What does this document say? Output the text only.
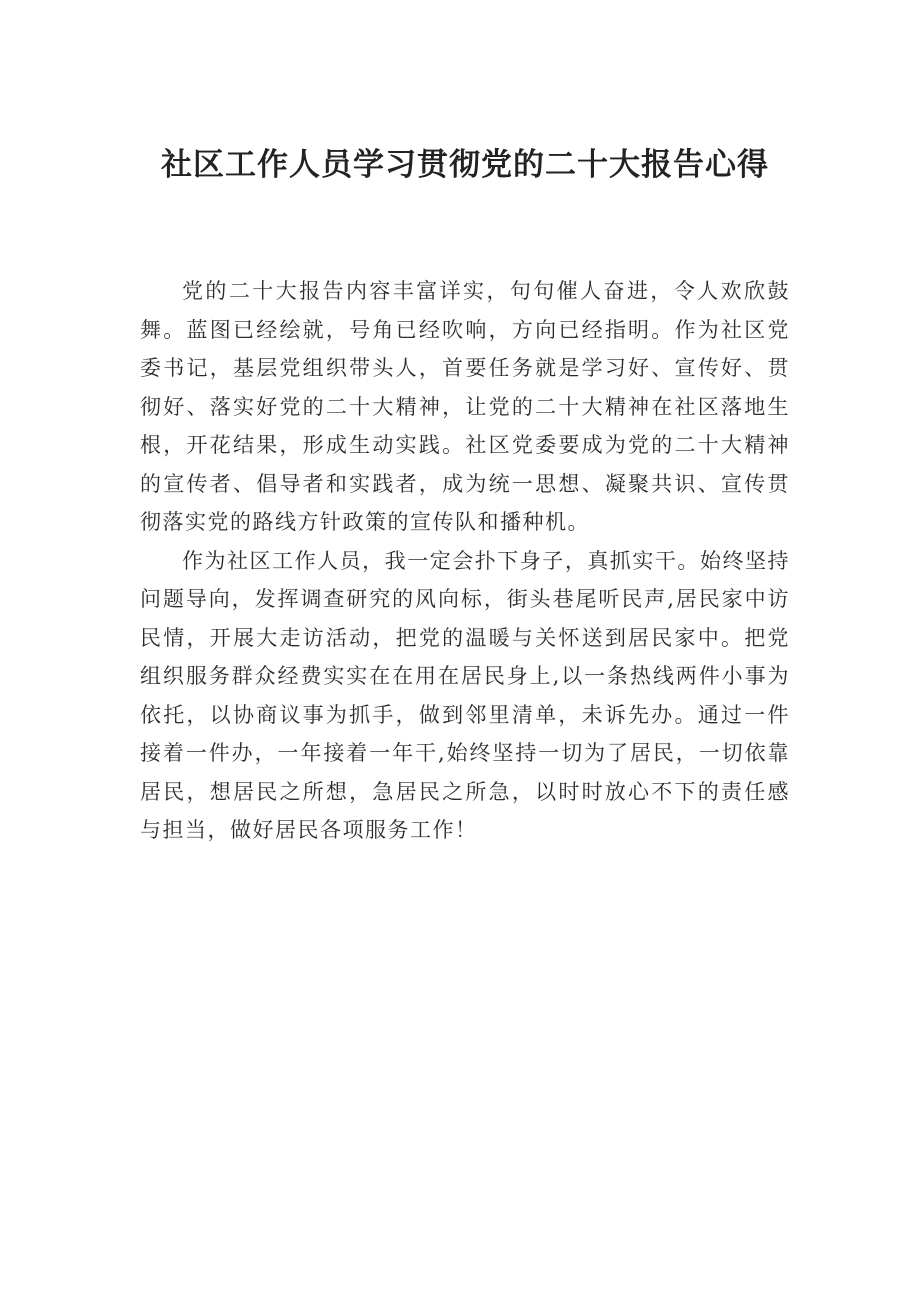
社区工作人员学习贯彻党的二十大报告心得

党的二十大报告内容丰富详实，句句催人奋进，令人欢欣鼓舞。蓝图已经绘就，号角已经吹响，方向已经指明。作为社区党委书记，基层党组织带头人，首要任务就是学习好、宣传好、贯彻好、落实好党的二十大精神，让党的二十大精神在社区落地生根，开花结果，形成生动实践。社区党委要成为党的二十大精神的宣传者、倡导者和实践者，成为统一思想、凝聚共识、宣传贯彻落实党的路线方针政策的宣传队和播种机。

作为社区工作人员，我一定会扑下身子，真抓实干。始终坚持问题导向，发挥调查研究的风向标，街头巷尾听民声,居民家中访民情，开展大走访活动，把党的温暖与关怀送到居民家中。把党组织服务群众经费实实在在用在居民身上,以一条热线两件小事为依托，以协商议事为抓手，做到邻里清单，未诉先办。通过一件接着一件办，一年接着一年干,始终坚持一切为了居民，一切依靠居民，想居民之所想，急居民之所急，以时时放心不下的责任感与担当，做好居民各项服务工作！
